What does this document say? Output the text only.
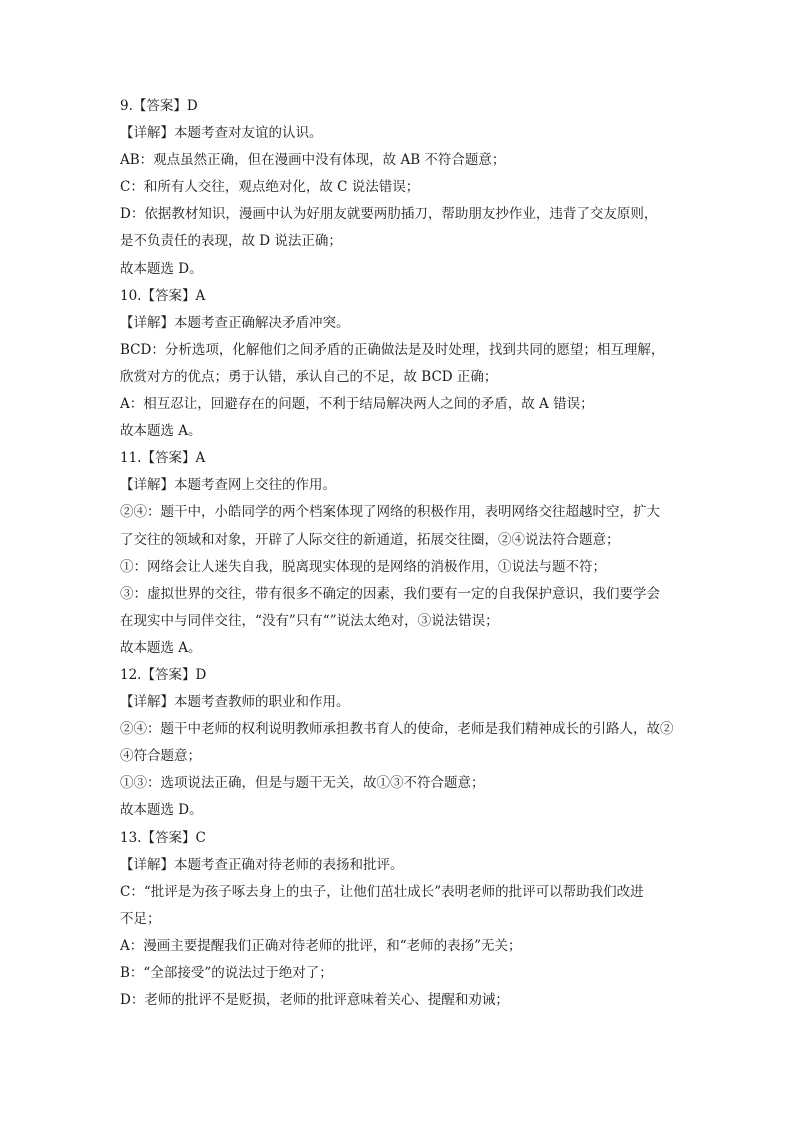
9.【答案】D
【详解】本题考查对友谊的认识。
AB：观点虽然正确，但在漫画中没有体现，故 AB 不符合题意；
C：和所有人交往，观点绝对化，故 C 说法错误；
D：依据教材知识，漫画中认为好朋友就要两肋插刀，帮助朋友抄作业，违背了交友原则，
是不负责任的表现，故 D 说法正确；
故本题选 D。
10.【答案】A
【详解】本题考查正确解决矛盾冲突。
BCD：分析选项，化解他们之间矛盾的正确做法是及时处理，找到共同的愿望；相互理解，
欣赏对方的优点；勇于认错，承认自己的不足，故 BCD 正确；
A：相互忍让，回避存在的问题，不利于结局解决两人之间的矛盾，故 A 错误；
故本题选 A。
11.【答案】A
【详解】本题考查网上交往的作用。
②④：题干中，小皓同学的两个档案体现了网络的积极作用，表明网络交往超越时空，扩大
了交往的领域和对象，开辟了人际交往的新通道，拓展交往圈，②④说法符合题意；
①：网络会让人迷失自我，脱离现实体现的是网络的消极作用，①说法与题不符；
③：虚拟世界的交往，带有很多不确定的因素，我们要有一定的自我保护意识，我们要学会
在现实中与同伴交往，“没有”只有“”说法太绝对，③说法错误；
故本题选 A。
12.【答案】D
【详解】本题考查教师的职业和作用。
②④：题干中老师的权利说明教师承担教书育人的使命，老师是我们精神成长的引路人，故②
④符合题意；
①③：选项说法正确，但是与题干无关，故①③不符合题意；
故本题选 D。
13.【答案】C
【详解】本题考查正确对待老师的表扬和批评。
C：“批评是为孩子啄去身上的虫子，让他们茁壮成长”表明老师的批评可以帮助我们改进
不足；
A：漫画主要提醒我们正确对待老师的批评，和“老师的表扬”无关；
B：“全部接受”的说法过于绝对了；
D：老师的批评不是贬损，老师的批评意味着关心、提醒和劝诫；
